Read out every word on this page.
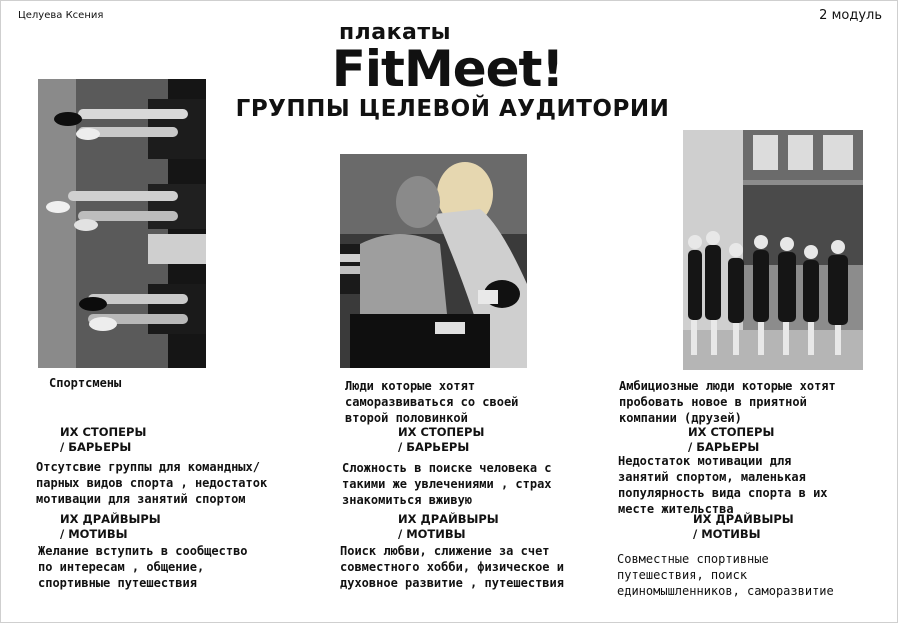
Целуева Ксения	2 модуль
плакаты
FitMeet!
ГРУППЫ ЦЕЛЕВОЙ АУДИТОРИИ
Спортсмены
ИХ СТОПЕРЫ
/ БАРЬЕРЫ
Отсутсвие группы для командных/
парных видов спорта , недостаток
мотивации для занятий спортом
ИХ ДРАЙВЫРЫ
/ МОТИВЫ
Желание вступить в сообщество
по интересам , общение,
спортивные путешествия
Люди которые хотят
саморазвиваться со своей
второй половинкой
ИХ СТОПЕРЫ
/ БАРЬЕРЫ
Сложность в поиске человека с
такими же увлечениями , страх
знакомиться вживую
ИХ ДРАЙВЫРЫ
/ МОТИВЫ
Поиск любви, слижение за счет
совместного хобби, физическое и
духовное развитие , путешествия
Амбициозные люди которые хотят
пробовать новое в приятной
компании (друзей)
ИХ СТОПЕРЫ
/ БАРЬЕРЫ
Недостаток мотивации для
занятий спортом, маленькая
популярность вида спорта в их
месте жительства
ИХ ДРАЙВЫРЫ
/ МОТИВЫ
Совместные спортивные
путешествия, поиск
единомышленников, саморазвитие
